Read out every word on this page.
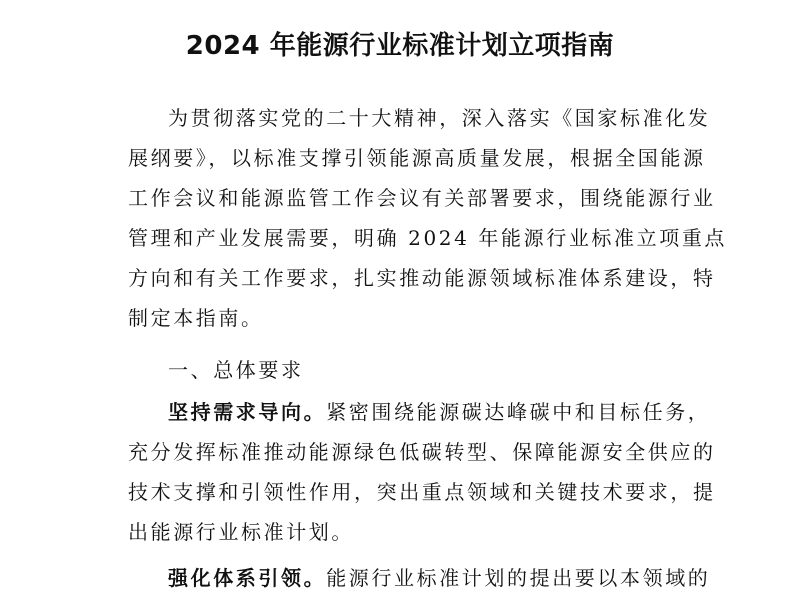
2024 年能源行业标准计划立项指南
为贯彻落实党的二十大精神，深入落实《国家标准化发
展纲要》，以标准支撑引领能源高质量发展，根据全国能源
工作会议和能源监管工作会议有关部署要求，围绕能源行业
管理和产业发展需要，明确 2024 年能源行业标准立项重点
方向和有关工作要求，扎实推动能源领域标准体系建设，特
制定本指南。
一、总体要求
坚持需求导向。紧密围绕能源碳达峰碳中和目标任务，
充分发挥标准推动能源绿色低碳转型、保障能源安全供应的
技术支撑和引领性作用，突出重点领域和关键技术要求，提
出能源行业标准计划。
强化体系引领。能源行业标准计划的提出要以本领域的
